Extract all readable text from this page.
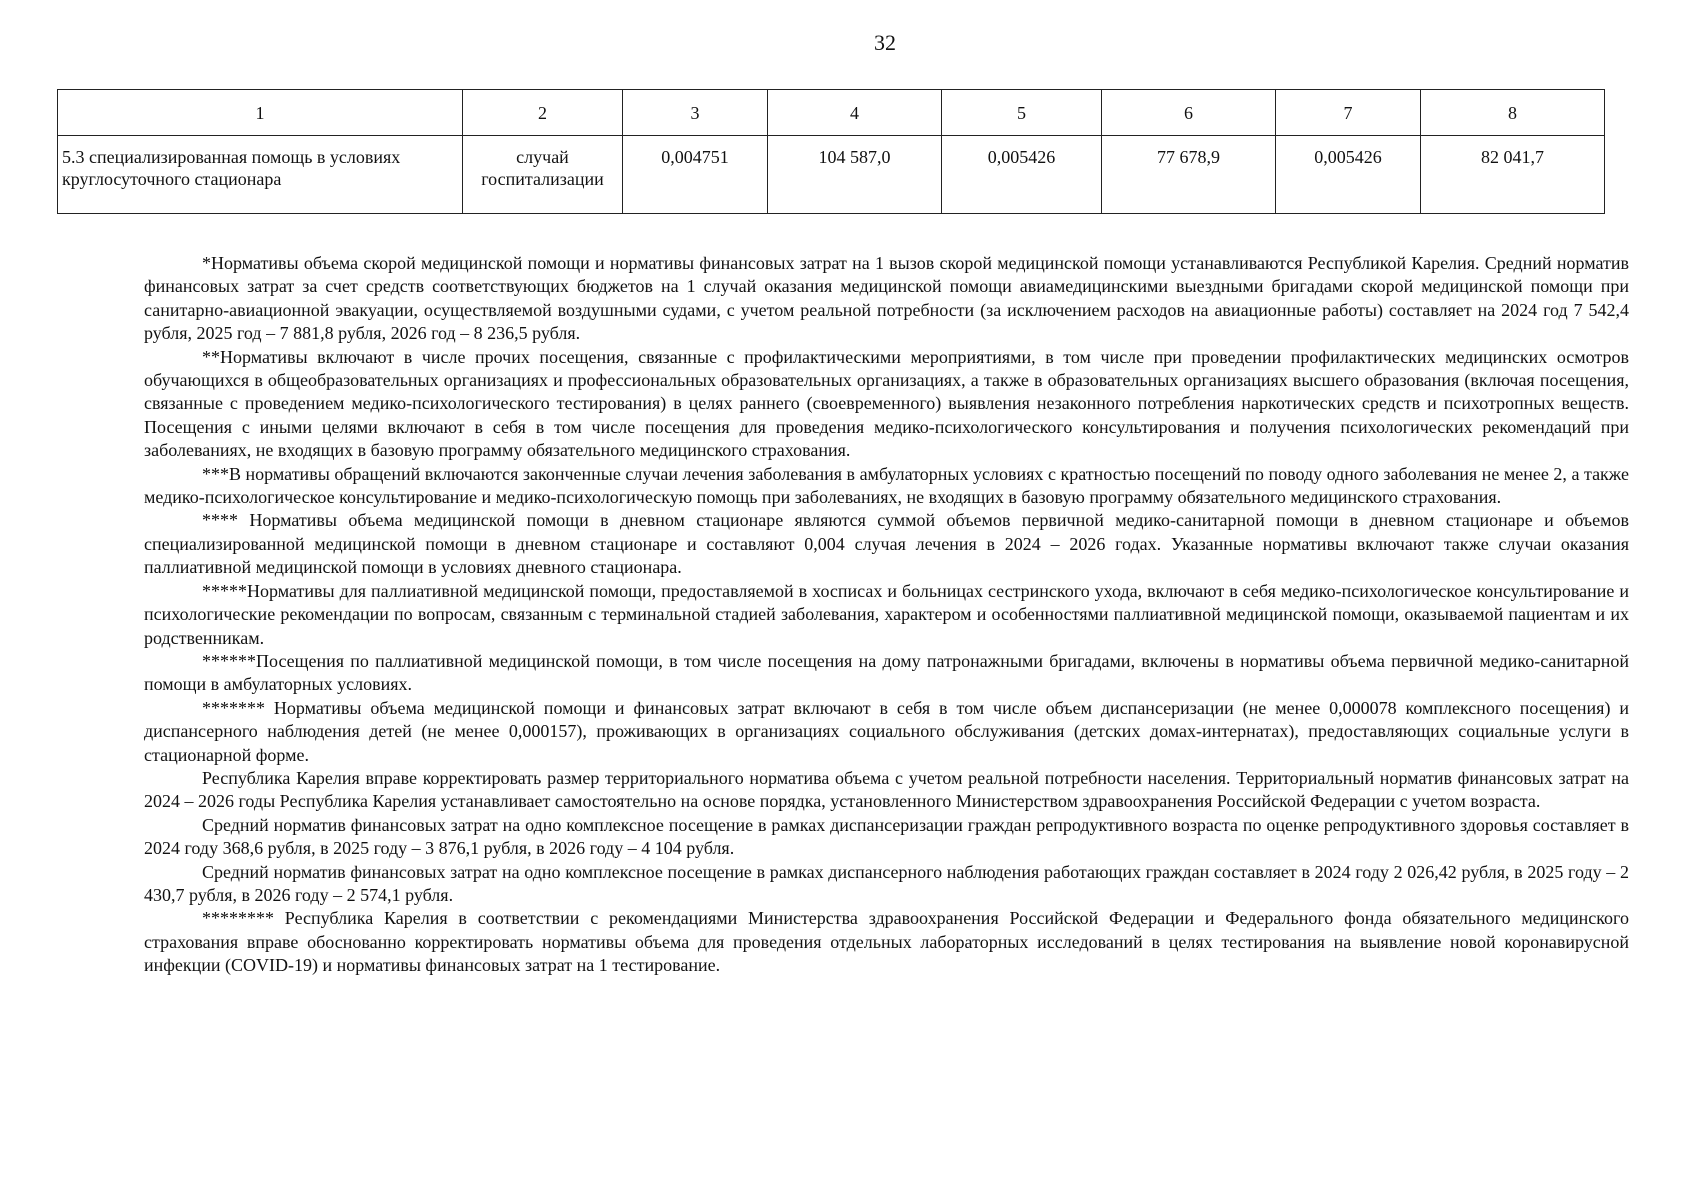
32
1	2	3	4	5	6	7	8
5.3 специализированная помощь в условиях круглосуточного стационара	случай госпитализации	0,004751	104 587,0	0,005426	77 678,9	0,005426	82 041,7

*Нормативы объема скорой медицинской помощи и нормативы финансовых затрат на 1 вызов скорой медицинской помощи устанавливаются Республикой Карелия. Средний норматив финансовых затрат за счет средств соответствующих бюджетов на 1 случай оказания медицинской помощи авиамедицинскими выездными бригадами скорой медицинской помощи при санитарно-авиационной эвакуации, осуществляемой воздушными судами, с учетом реальной потребности (за исключением расходов на авиационные работы) составляет на 2024 год 7 542,4 рубля, 2025 год – 7 881,8 рубля, 2026 год – 8 236,5 рубля.

**Нормативы включают в числе прочих посещения, связанные с профилактическими мероприятиями, в том числе при проведении профилактических медицинских осмотров обучающихся в общеобразовательных организациях и профессиональных образовательных организациях, а также в образовательных организациях высшего образования (включая посещения, связанные с проведением медико-психологического тестирования) в целях раннего (своевременного) выявления незаконного потребления наркотических средств и психотропных веществ. Посещения с иными целями включают в себя в том числе посещения для проведения медико-психологического консультирования и получения психологических рекомендаций при заболеваниях, не входящих в базовую программу обязательного медицинского страхования.

***В нормативы обращений включаются законченные случаи лечения заболевания в амбулаторных условиях с кратностью посещений по поводу одного заболевания не менее 2, а также медико-психологическое консультирование и медико-психологическую помощь при заболеваниях, не входящих в базовую программу обязательного медицинского страхования.

**** Нормативы объема медицинской помощи в дневном стационаре являются суммой объемов первичной медико-санитарной помощи в дневном стационаре и объемов специализированной медицинской помощи в дневном стационаре и составляют 0,004 случая лечения в 2024 – 2026 годах. Указанные нормативы включают также случаи оказания паллиативной медицинской помощи в условиях дневного стационара.

*****Нормативы для паллиативной медицинской помощи, предоставляемой в хосписах и больницах сестринского ухода, включают в себя медико-психологическое консультирование и психологические рекомендации по вопросам, связанным с терминальной стадией заболевания, характером и особенностями паллиативной медицинской помощи, оказываемой пациентам и их родственникам.

******Посещения по паллиативной медицинской помощи, в том числе посещения на дому патронажными бригадами, включены в нормативы объема первичной медико-санитарной помощи в амбулаторных условиях.

******* Нормативы объема медицинской помощи и финансовых затрат включают в себя в том числе объем диспансеризации (не менее 0,000078 комплексного посещения) и диспансерного наблюдения детей (не менее 0,000157), проживающих в организациях социального обслуживания (детских домах-интернатах), предоставляющих социальные услуги в стационарной форме.

Республика Карелия вправе корректировать размер территориального норматива объема с учетом реальной потребности населения. Территориальный норматив финансовых затрат на 2024 – 2026 годы Республика Карелия устанавливает самостоятельно на основе порядка, установленного Министерством здравоохранения Российской Федерации с учетом возраста.

Средний норматив финансовых затрат на одно комплексное посещение в рамках диспансеризации граждан репродуктивного возраста по оценке репродуктивного здоровья составляет в 2024 году 368,6 рубля, в 2025 году – 3 876,1 рубля, в 2026 году – 4 104 рубля.

Средний норматив финансовых затрат на одно комплексное посещение в рамках диспансерного наблюдения работающих граждан составляет в 2024 году 2 026,42 рубля, в 2025 году – 2 430,7 рубля, в 2026 году – 2 574,1 рубля.

******** Республика Карелия в соответствии с рекомендациями Министерства здравоохранения Российской Федерации и Федерального фонда обязательного медицинского страхования вправе обоснованно корректировать нормативы объема для проведения отдельных лабораторных исследований в целях тестирования на выявление новой коронавирусной инфекции (COVID-19) и нормативы финансовых затрат на 1 тестирование.
